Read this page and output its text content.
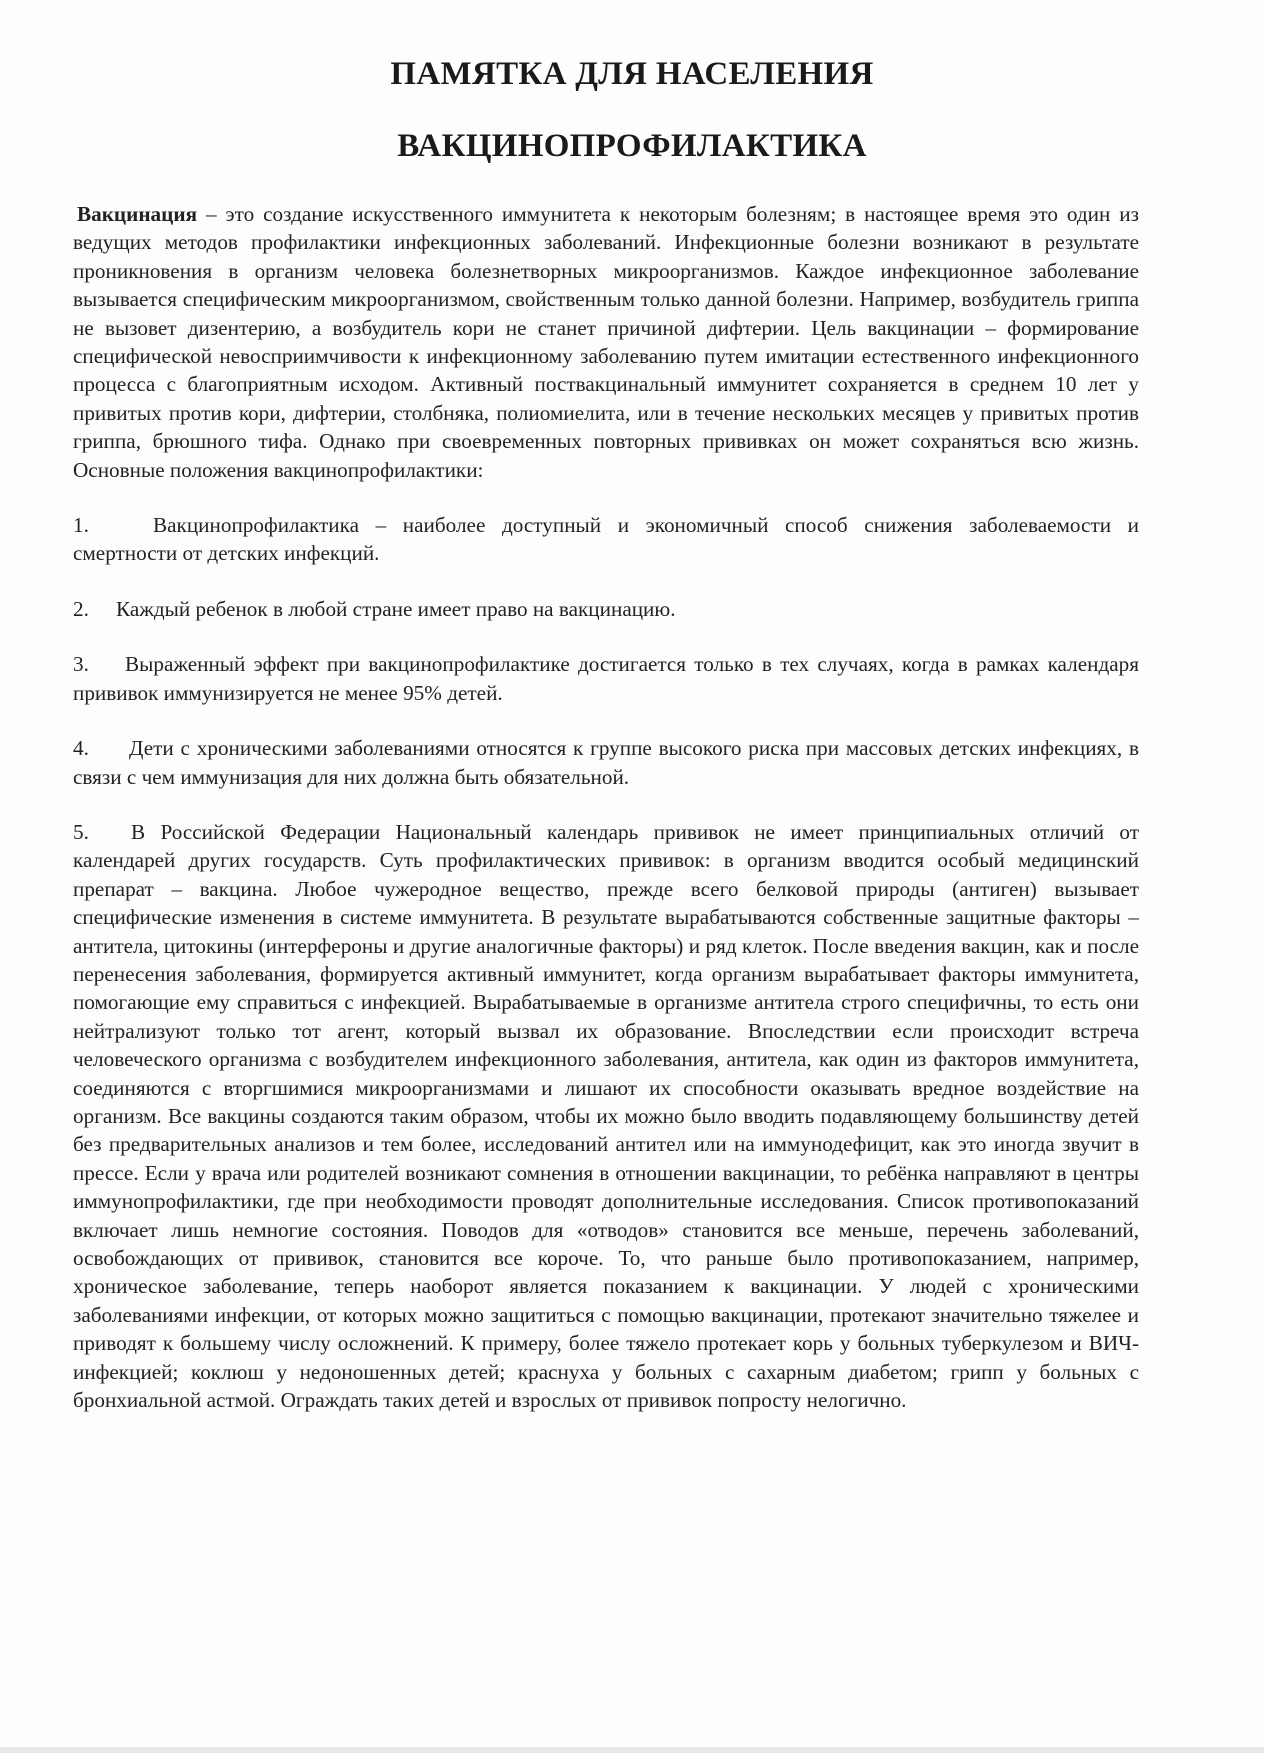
ПАМЯТКА ДЛЯ НАСЕЛЕНИЯ
ВАКЦИНОПРОФИЛАКТИКА

Вакцинация – это создание искусственного иммунитета к некоторым болезням; в настоящее время это один из ведущих методов профилактики инфекционных заболеваний. Инфекционные болезни возникают в результате проникновения в организм человека болезнетворных микроорганизмов. Каждое инфекционное заболевание вызывается специфическим микроорганизмом, свойственным только данной болезни. Например, возбудитель гриппа не вызовет дизентерию, а возбудитель кори не станет причиной дифтерии. Цель вакцинации – формирование специфической невосприимчивости к инфекционному заболеванию путем имитации естественного инфекционного процесса с благоприятным исходом. Активный поствакцинальный иммунитет сохраняется в среднем 10 лет у привитых против кори, дифтерии, столбняка, полиомиелита, или в течение нескольких месяцев у привитых против гриппа, брюшного тифа. Однако при своевременных повторных прививках он может сохраняться всю жизнь. Основные положения вакцинопрофилактики:

1.	Вакцинопрофилактика – наиболее доступный и экономичный способ снижения заболеваемости и смертности от детских инфекций.

2. Каждый ребенок в любой стране имеет право на вакцинацию.

3. Выраженный эффект при вакцинопрофилактике достигается только в тех случаях, когда в рамках календаря прививок иммунизируется не менее 95% детей.

4. Дети с хроническими заболеваниями относятся к группе высокого риска при массовых детских инфекциях, в связи с чем иммунизация для них должна быть обязательной.

5. В Российской Федерации Национальный календарь прививок не имеет принципиальных отличий от календарей других государств. Суть профилактических прививок: в организм вводится особый медицинский препарат – вакцина. Любое чужеродное вещество, прежде всего белковой природы (антиген) вызывает специфические изменения в системе иммунитета. В результате вырабатываются собственные защитные факторы – антитела, цитокины (интерфероны и другие аналогичные факторы) и ряд клеток. После введения вакцин, как и после перенесения заболевания, формируется активный иммунитет, когда организм вырабатывает факторы иммунитета, помогающие ему справиться с инфекцией. Вырабатываемые в организме антитела строго специфичны, то есть они нейтрализуют только тот агент, который вызвал их образование. Впоследствии если происходит встреча человеческого организма с возбудителем инфекционного заболевания, антитела, как один из факторов иммунитета, соединяются с вторгшимися микроорганизмами и лишают их способности оказывать вредное воздействие на организм. Все вакцины создаются таким образом, чтобы их можно было вводить подавляющему большинству детей без предварительных анализов и тем более, исследований антител или на иммунодефицит, как это иногда звучит в прессе. Если у врача или родителей возникают сомнения в отношении вакцинации, то ребёнка направляют в центры иммунопрофилактики, где при необходимости проводят дополнительные исследования. Список противопоказаний включает лишь немногие состояния. Поводов для «отводов» становится все меньше, перечень заболеваний, освобождающих от прививок, становится все короче. То, что раньше было противопоказанием, например, хроническое заболевание, теперь наоборот является показанием к вакцинации. У людей с хроническими заболеваниями инфекции, от которых можно защититься с помощью вакцинации, протекают значительно тяжелее и приводят к большему числу осложнений. К примеру, более тяжело протекает корь у больных туберкулезом и ВИЧ-инфекцией; коклюш у недоношенных детей; краснуха у больных с сахарным диабетом; грипп у больных с бронхиальной астмой. Ограждать таких детей и взрослых от прививок попросту нелогично.
